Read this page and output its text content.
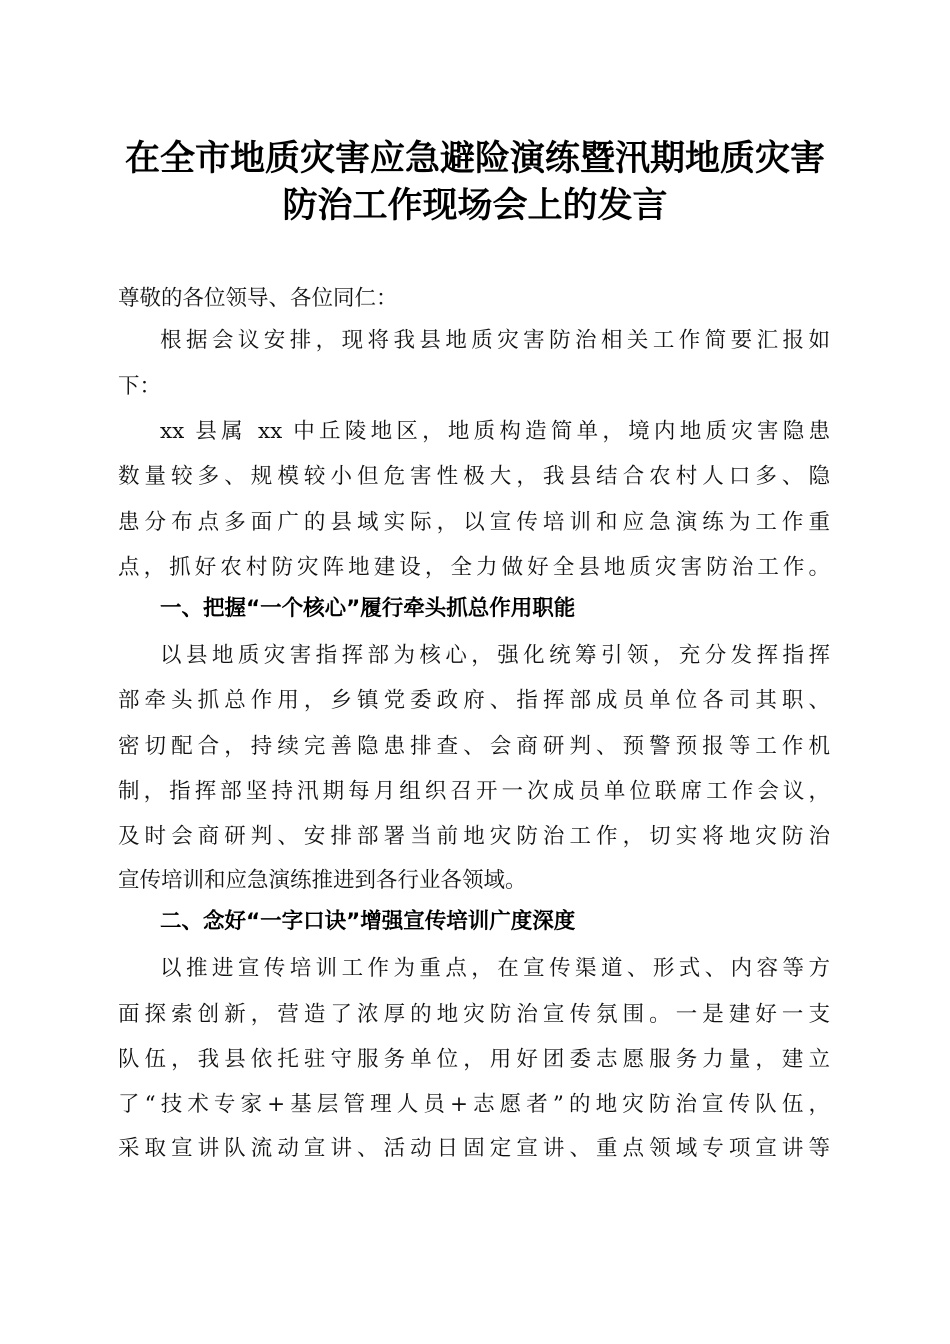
在全市地质灾害应急避险演练暨汛期地质灾害
防治工作现场会上的发言
尊敬的各位领导、各位同仁：
根据会议安排，现将我县地质灾害防治相关工作简要汇报如
下：
xx 县属 xx 中丘陵地区，地质构造简单，境内地质灾害隐患
数量较多、规模较小但危害性极大，我县结合农村人口多、隐
患分布点多面广的县域实际，以宣传培训和应急演练为工作重
点，抓好农村防灾阵地建设，全力做好全县地质灾害防治工作。
一、把握“一个核心”履行牵头抓总作用职能
以县地质灾害指挥部为核心，强化统筹引领，充分发挥指挥
部牵头抓总作用，乡镇党委政府、指挥部成员单位各司其职、
密切配合，持续完善隐患排查、会商研判、预警预报等工作机
制，指挥部坚持汛期每月组织召开一次成员单位联席工作会议，
及时会商研判、安排部署当前地灾防治工作，切实将地灾防治
宣传培训和应急演练推进到各行业各领域。
二、念好“一字口诀”增强宣传培训广度深度
以推进宣传培训工作为重点，在宣传渠道、形式、内容等方
面探索创新，营造了浓厚的地灾防治宣传氛围。一是建好一支
队伍，我县依托驻守服务单位，用好团委志愿服务力量，建立
了“技术专家+基层管理人员+志愿者”的地灾防治宣传队伍，
采取宣讲队流动宣讲、活动日固定宣讲、重点领域专项宣讲等
